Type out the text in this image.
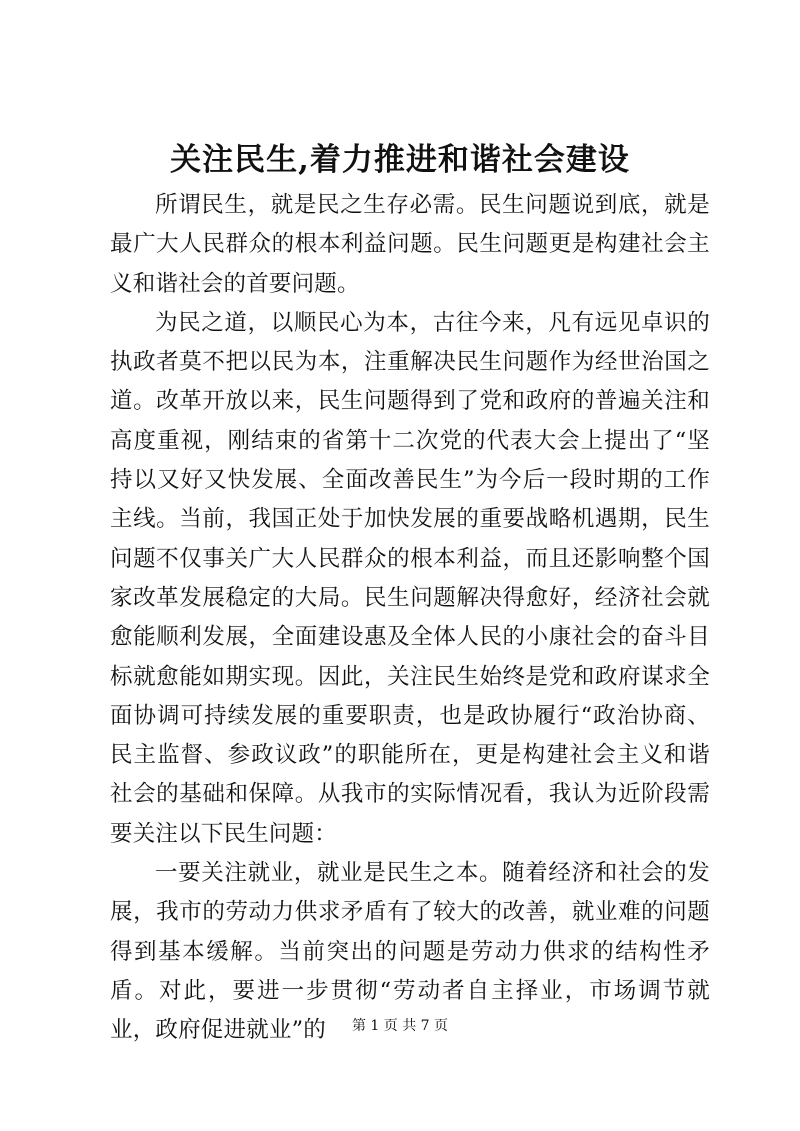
关注民生,着力推进和谐社会建设

所谓民生，就是民之生存必需。民生问题说到底，就是最广大人民群众的根本利益问题。民生问题更是构建社会主义和谐社会的首要问题。

为民之道，以顺民心为本，古往今来，凡有远见卓识的执政者莫不把以民为本，注重解决民生问题作为经世治国之道。改革开放以来，民生问题得到了党和政府的普遍关注和高度重视，刚结束的省第十二次党的代表大会上提出了“坚持以又好又快发展、全面改善民生”为今后一段时期的工作主线。当前，我国正处于加快发展的重要战略机遇期，民生问题不仅事关广大人民群众的根本利益，而且还影响整个国家改革发展稳定的大局。民生问题解决得愈好，经济社会就愈能顺利发展，全面建设惠及全体人民的小康社会的奋斗目标就愈能如期实现。因此，关注民生始终是党和政府谋求全面协调可持续发展的重要职责，也是政协履行“政治协商、民主监督、参政议政”的职能所在，更是构建社会主义和谐社会的基础和保障。从我市的实际情况看，我认为近阶段需要关注以下民生问题：

一要关注就业，就业是民生之本。随着经济和社会的发展，我市的劳动力供求矛盾有了较大的改善，就业难的问题得到基本缓解。当前突出的问题是劳动力供求的结构性矛盾。对此，要进一步贯彻“劳动者自主择业，市场调节就业，政府促进就业”的	第 1 页 共 7 页
